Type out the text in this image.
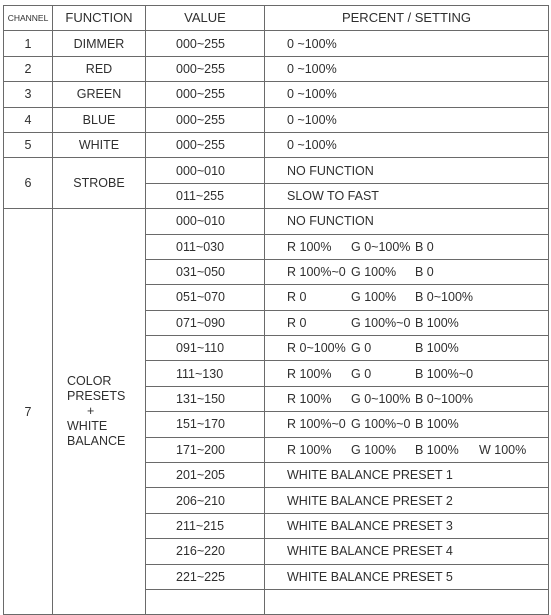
CHANNEL	FUNCTION	VALUE	PERCENT / SETTING
1	DIMMER	000~255	0 ~100%
2	RED	000~255	0 ~100%
3	GREEN	000~255	0 ~100%
4	BLUE	000~255	0 ~100%
5	WHITE	000~255	0 ~100%
6	STROBE	000~010	NO FUNCTION
		011~255	SLOW TO FAST
7	COLOR
PRESETS
+
WHITE
BALANCE	000~010	NO FUNCTION
		011~030	R 100% G 0~100% B 0
		031~050	R 100%~0 G 100% B 0
		051~070	R 0 G 100% B 0~100%
		071~090	R 0 G 100%~0 B 100%
		091~110	R 0~100% G 0 B 100%
		111~130	R 100% G 0 B 100%~0
		131~150	R 100% G 0~100% B 0~100%
		151~170	R 100%~0 G 100%~0 B 100%
		171~200	R 100% G 100% B 100% W 100%
		201~205	WHITE BALANCE PRESET 1
		206~210	WHITE BALANCE PRESET 2
		211~215	WHITE BALANCE PRESET 3
		216~220	WHITE BALANCE PRESET 4
		221~225	WHITE BALANCE PRESET 5
